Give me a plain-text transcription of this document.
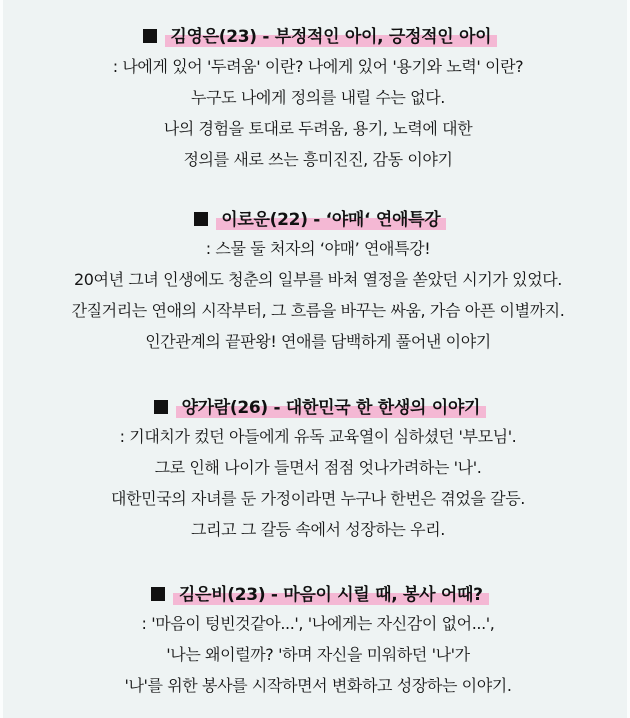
김영은(23) - 부정적인 아이, 긍정적인 아이
: 나에게 있어 '두려움' 이란? 나에게 있어 '용기와 노력' 이란?
누구도 나에게 정의를 내릴 수는 없다.
나의 경험을 토대로 두려움, 용기, 노력에 대한
정의를 새로 쓰는 흥미진진, 감동 이야기
이로운(22) - ‘야매‘ 연애특강
: 스물 둘 처자의 ‘야매’ 연애특강!
20여년 그녀 인생에도 청춘의 일부를 바쳐 열정을 쏟았던 시기가 있었다.
간질거리는 연애의 시작부터, 그 흐름을 바꾸는 싸움, 가슴 아픈 이별까지.
인간관계의 끝판왕! 연애를 담백하게 풀어낸 이야기
양가람(26) - 대한민국 한 한생의 이야기
: 기대치가 컸던 아들에게 유독 교육열이 심하셨던 '부모님'.
그로 인해 나이가 들면서 점점 엇나가려하는 '나'.
대한민국의 자녀를 둔 가정이라면 누구나 한번은 겪었을 갈등.
그리고 그 갈등 속에서 성장하는 우리.
김은비(23) - 마음이 시릴 때, 봉사 어때?
: '마음이 텅빈것같아...', '나에게는 자신감이 없어...',
'나는 왜이럴까? '하며 자신을 미워하던 '나'가
'나'를 위한 봉사를 시작하면서 변화하고 성장하는 이야기.
